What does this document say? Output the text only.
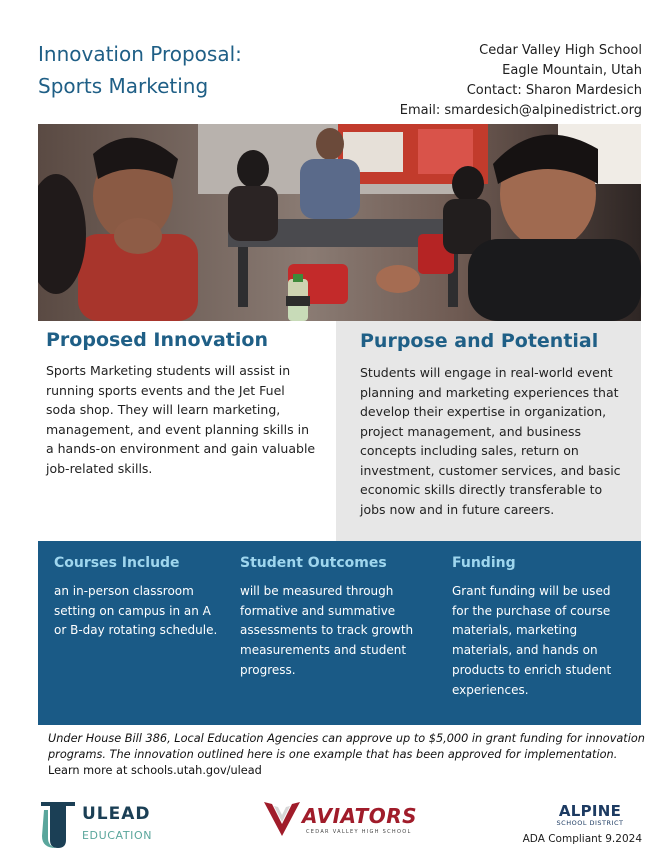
Innovation Proposal:
Sports Marketing
Cedar Valley High School
Eagle Mountain, Utah
Contact: Sharon Mardesich
Email: smardesich@alpinedistrict.org
Proposed Innovation
Sports Marketing students will assist in running sports events and the Jet Fuel soda shop. They will learn marketing, management, and event planning skills in a hands-on environment and gain valuable job-related skills.
Purpose and Potential
Students will engage in real-world event planning and marketing experiences that develop their expertise in organization, project management, and business concepts including sales, return on investment, customer services, and basic economic skills directly transferable to jobs now and in future careers.
Courses Include

an in-person classroom setting on campus in an A or B-day rotating schedule.

Student Outcomes

will be measured through formative and summative assessments to track growth measurements and student progress.

Funding

Grant funding will be used for the purchase of course materials, marketing materials, and hands on products to enrich student experiences.

Under House Bill 386, Local Education Agencies can approve up to $5,000 in grant funding for innovation programs. The innovation outlined here is one example that has been approved for implementation. Learn more at schools.utah.gov/ulead
ULEAD
EDUCATION
AVIATORS
CEDAR VALLEY HIGH SCHOOL
ALPINE
SCHOOL DISTRICT
ADA Compliant 9.2024
